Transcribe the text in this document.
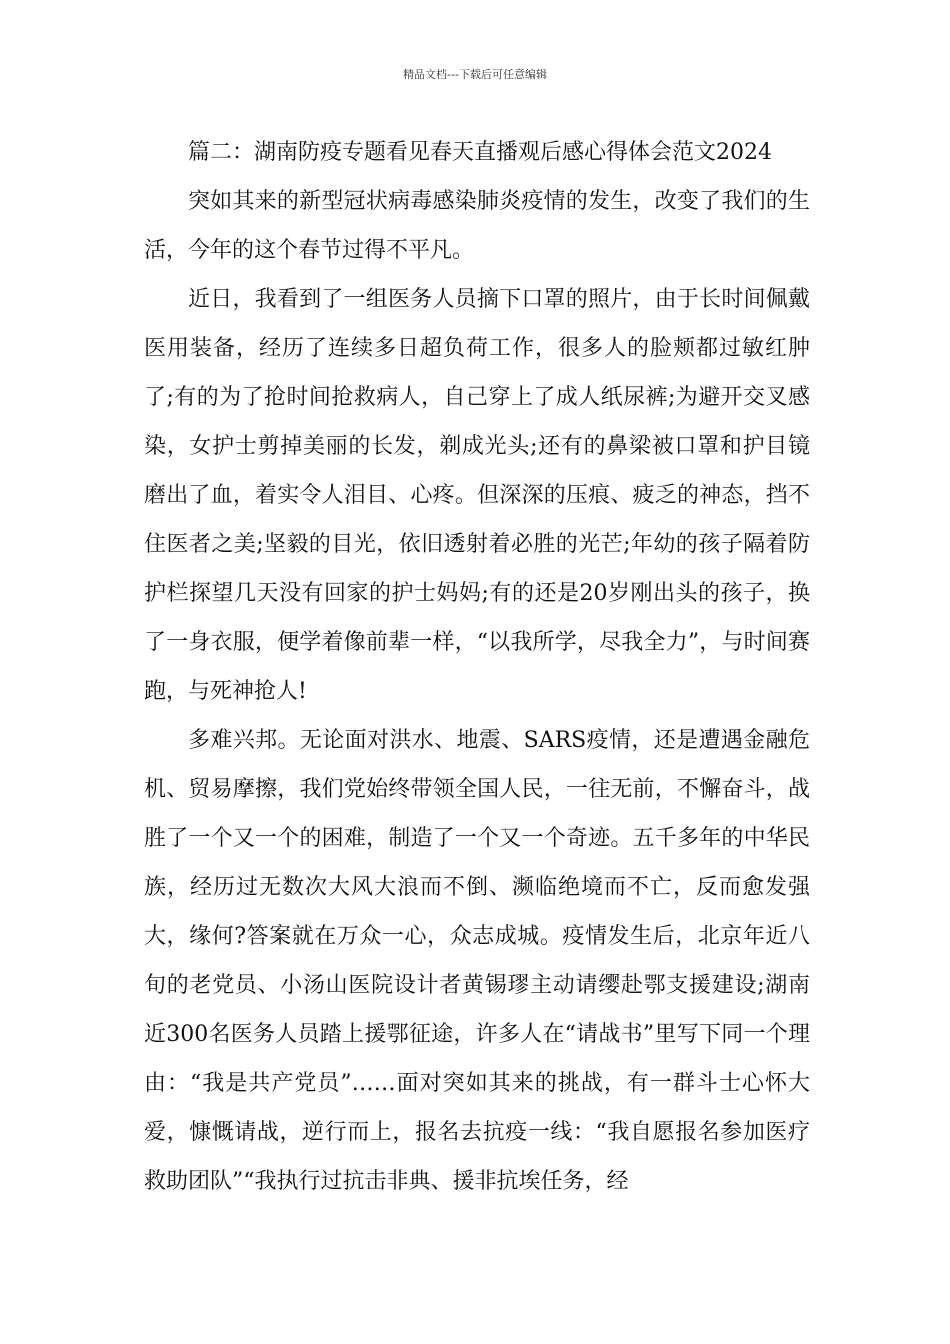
精品文档---下载后可任意编辑

篇二：湖南防疫专题看见春天直播观后感心得体会范文2024

突如其来的新型冠状病毒感染肺炎疫情的发生，改变了我们的生活，今年的这个春节过得不平凡。

近日，我看到了一组医务人员摘下口罩的照片，由于长时间佩戴医用装备，经历了连续多日超负荷工作，很多人的脸颊都过敏红肿了;有的为了抢时间抢救病人，自己穿上了成人纸尿裤;为避开交叉感染，女护士剪掉美丽的长发，剃成光头;还有的鼻梁被口罩和护目镜磨出了血，着实令人泪目、心疼。但深深的压痕、疲乏的神态，挡不住医者之美;坚毅的目光，依旧透射着必胜的光芒;年幼的孩子隔着防护栏探望几天没有回家的护士妈妈;有的还是20岁刚出头的孩子，换了一身衣服，便学着像前辈一样，“以我所学，尽我全力”，与时间赛跑，与死神抢人!

多难兴邦。无论面对洪水、地震、SARS疫情，还是遭遇金融危机、贸易摩擦，我们党始终带领全国人民，一往无前，不懈奋斗，战胜了一个又一个的困难，制造了一个又一个奇迹。五千多年的中华民族，经历过无数次大风大浪而不倒、濒临绝境而不亡，反而愈发强大，缘何?答案就在万众一心，众志成城。疫情发生后，北京年近八旬的老党员、小汤山医院设计者黄锡璆主动请缨赴鄂支援建设;湖南近300名医务人员踏上援鄂征途，许多人在“请战书”里写下同一个理由：“我是共产党员”……面对突如其来的挑战，有一群斗士心怀大爱，慷慨请战，逆行而上，报名去抗疫一线：“我自愿报名参加医疗救助团队”“我执行过抗击非典、援非抗埃任务，经
